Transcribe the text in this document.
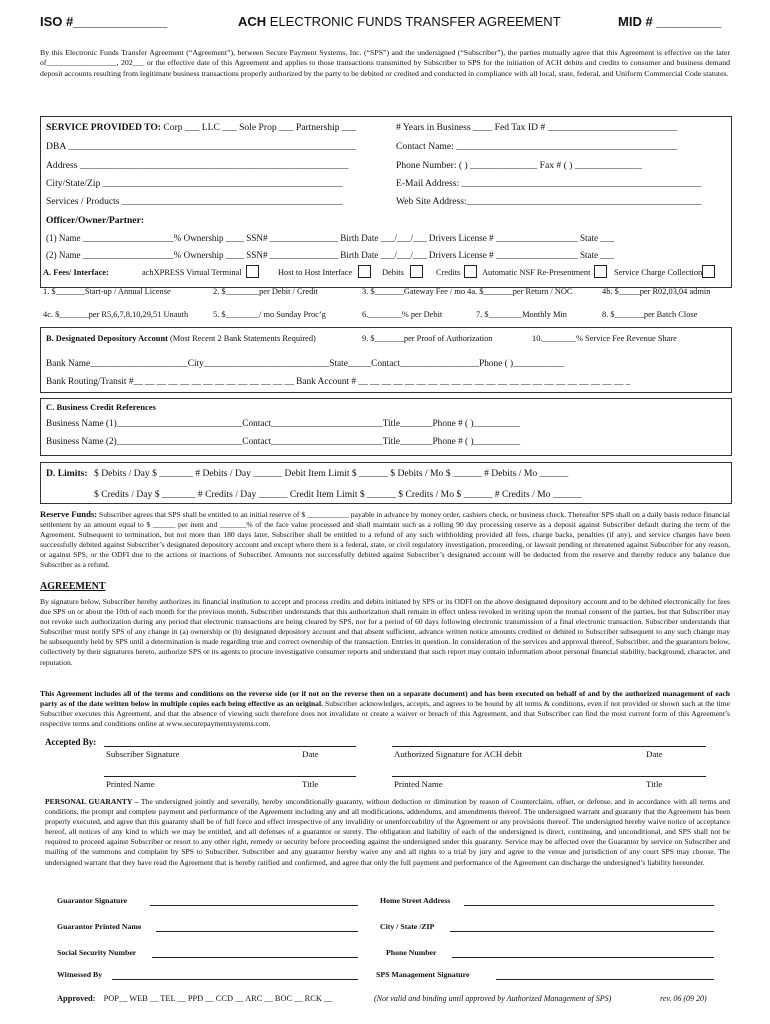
ISO #_____________	ACH ELECTRONIC FUNDS TRANSFER AGREEMENT	MID # _________
By this Electronic Funds Transfer Agreement (“Agreement”), between Secure Payment Systems, Inc. (“SPS”) and the undersigned (“Subscriber”), the parties mutually agree that this Agreement is effective on the later of__________________, 202___ or the effective date of this Agreement and applies to those transactions transmitted by Subscriber to SPS for the initiation of ACH debits and credits to consumer and business demand deposit accounts resulting from legitimate business transactions properly authorized by the party to be debited or credited and conducted in compliance with all local, state, federal, and Uniform Commercial Code statutes.
SERVICE PROVIDED TO: Corp ___ LLC ___ Sole Prop ___ Partnership ___	# Years in Business ____ Fed Tax ID # ___________________________
DBA ____________________________________________________________	Contact Name: ______________________________________________
Address ________________________________________________________	Phone Number: ( ) ______________ Fax # ( ) ______________
City/State/Zip __________________________________________________	E-Mail Address: __________________________________________________
Services / Products ______________________________________________	Web Site Address:_________________________________________________
Officer/Owner/Partner:
(1) Name ____________________% Ownership ____ SSN# _______________ Birth Date ___/___/___ Drivers License # __________________ State ___
(2) Name ____________________% Ownership ____ SSN# _______________ Birth Date ___/___/___ Drivers License # __________________ State ___
A. Fees/ Interface:	achXPRESS Virtual Terminal	Host to Host Interface	Debits	Credits	Automatic NSF Re-Presentment	Service Charge Collection
1. $_______Start-up / Annual License	2. $________per Debit / Credit	3. $_______Gateway Fee / mo 4a. $_______per Return / NOC	4b. $_____per R02,03,04 admin
4c. $_______per R5,6,7,8,10,29,51 Unauth	5. $________/ mo Sunday Proc’g	6.________% per Debit	7. $________Monthly Min	8. $_______per Batch Close
B. Designated Depository Account (Most Recent 2 Bank Statements Required)	9. $_______per Proof of Authorization	10.________% Service Fee Revenue Share
Bank Name_____________________City___________________________State_____Contact_________________Phone ( )___________
Bank Routing/Transit #__ __ __ __ __ __ __ __ __ __ __ __ __ __ Bank Account # __ __ __ __ __ __ __ __ __ __ __ __ __ __ __ __ __ __ __ __ __ __ __ _
C. Business Credit References
Business Name (1)___________________________Contact________________________Title_______Phone # ( )__________
Business Name (2)___________________________Contact________________________Title_______Phone # ( )__________
D. Limits: $ Debits / Day $ _______ # Debits / Day ______ Debit Item Limit $ ______ $ Debits / Mo $ ______ # Debits / Mo ______
$ Credits / Day $ _______ # Credits / Day ______ Credit Item Limit $ ______ $ Credits / Mo $ ______ # Credits / Mo ______
Reserve Funds: Subscriber agrees that SPS shall be entitled to an initial reserve of $ ___________ payable in advance by money order, cashiers check, or business check. Thereafter SPS shall on a daily basis reduce financial settlement by an amount equal to $ ______ per item and _______% of the face value processed and shall maintain such as a rolling 90 day processing reserve as a deposit against Subscriber default during the term of the Agreement. Subsequent to termination, but not more than 180 days later, Subscriber shall be entitled to a refund of any such withholding provided all fees, charge backs, penalties (if any), and service charges have been successfully debited against Subscriber’s designated depository account and except where there is a federal, state, or civil regulatory investigation, proceeding, or lawsuit pending or threatened against Subscriber for any reason, or against SPS, or the ODFI due to the actions or inactions of Subscriber. Amounts not successfully debited against Subscriber’s designated account will be deducted from the reserve and thereby reduce any balance due Subscriber as a refund.
AGREEMENT
By signature below, Subscriber hereby authorizes its financial institution to accept and process credits and debits initiated by SPS or its ODFI on the above designated depository account and to be debited electronically for fees due SPS on or about the 10th of each month for the previous month. Subscriber understands that this authorization shall remain in effect unless revoked in writing upon the mutual consent of the parties, but that Subscriber may not revoke such authorization during any period that electronic transactions are being cleared by SPS, nor for a period of 60 days following electronic transmission of a final electronic transaction. Subscriber understands that Subscriber must notify SPS of any change in (a) ownership or (b) designated depository account and that absent sufficient, advance written notice amounts credited or debited to Subscriber subsequent to any such change may be subsequently held by SPS until a determination is made regarding true and correct ownership of the transaction. Entries in question. In consideration of the services and approval thereof, Subscriber, and the guarantors below, collectively by their signatures hereto, authorize SPS or its agents to procure investigative consumer reports and understand that such report may contain information about personal financial stability, background, character, and reputation.
This Agreement includes all of the terms and conditions on the reverse side (or if not on the reverse then on a separate document) and has been executed on behalf of and by the authorized management of each party as of the date written below in multiple copies each being effective as an original. Subscriber acknowledges, accepts, and agrees to be bound by all terms & conditions, even if not provided or shown such at the time Subscriber executes this Agreement, and that the absence of viewing such therefore does not invalidate or create a waiver or breach of this Agreement, and that Subscriber can find the most current form of this Agreement’s respective terms and conditions online at www.securepaymentsystems.com.
Accepted By:
Subscriber Signature	Date	Authorized Signature for ACH debit	Date
Printed Name	Title	Printed Name	Title
PERSONAL GUARANTY – The undersigned jointly and severally, hereby unconditionally guaranty, without deduction or diminution by reason of Counterclaim, offset, or defense, and in accordance with all terms and conditions, the prompt and complete payment and performance of the Agreement including any and all modifications, addendums, and amendments thereof. The undersigned warrant and guaranty that the Agreement has been properly executed, and agree that this guaranty shall be of full force and effect irrespective of any invalidity or unenforceability of the Agreement or any provisions thereof. The undersigned hereby waive notice of acceptance hereof, all notices of any kind to which we may be entitled, and all defenses of a guarantor or surety. The obligation and liability of each of the undersigned is direct, continuing, and unconditional, and SPS shall not be required to proceed against Subscriber or resort to any other right, remedy or security before proceeding against the undersigned under this guaranty. Service may be affected over the Guarantor by service on Subscriber and mailing of the summons and complaint by SPS to Subscriber. Subscriber and any guarantor hereby waive any and all rights to a trial by jury and agree to the venue and jurisdiction of any court SPS may choose. The undersigned warrant that they have read the Agreement that is hereby ratified and confirmed, and agree that only the full payment and performance of the Agreement can discharge the undersigned’s liability hereunder.
Guarantor Signature	Home Street Address
Guarantor Printed Name	City / State /ZIP
Social Security Number	Phone Number
Witnessed By	SPS Management Signature
Approved: POP__ WEB __ TEL __ PPD __ CCD __ ARC __ BOC __ RCK __	(Not valid and binding until approved by Authorized Management of SPS)	rev. 06 (09 20)
